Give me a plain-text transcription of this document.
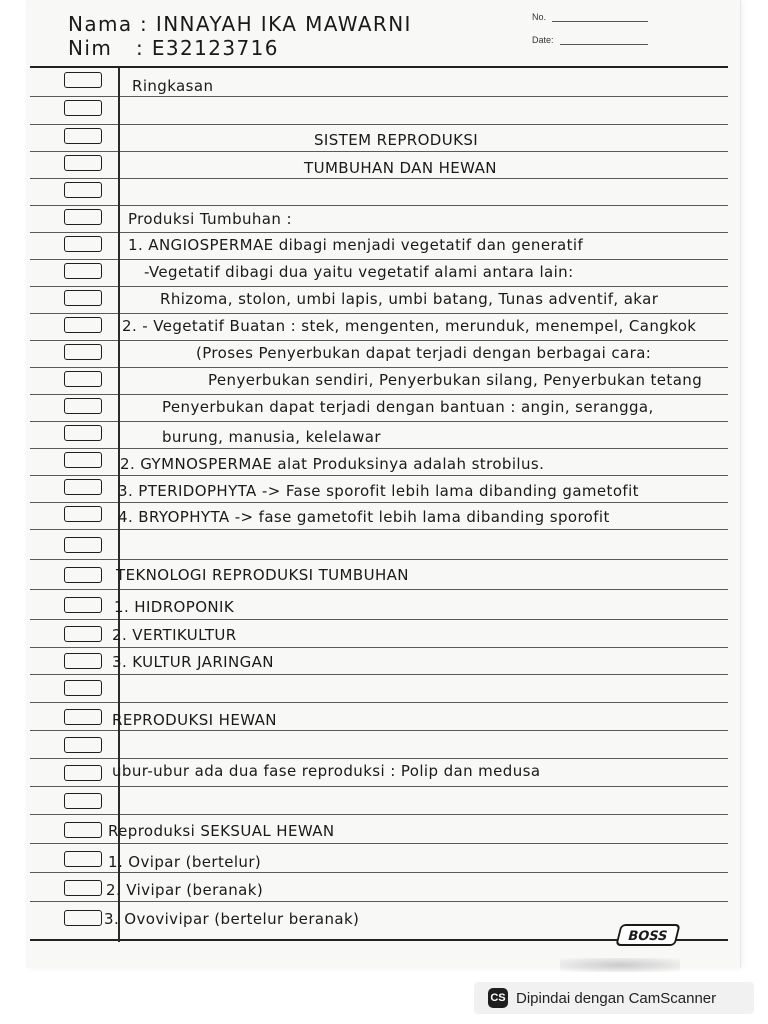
Nama : INNAYAH IKA MAWARNI
Nim : E32123716
No.
Date:
Ringkasan
SISTEM REPRODUKSI
TUMBUHAN DAN HEWAN
Produksi Tumbuhan :
1. ANGIOSPERMAE dibagi menjadi vegetatif dan generatif
-Vegetatif dibagi dua yaitu vegetatif alami antara lain:
Rhizoma, stolon, umbi lapis, umbi batang, Tunas adventif, akar
2. - Vegetatif Buatan : stek, mengenten, merunduk, menempel, Cangkok
(Proses Penyerbukan dapat terjadi dengan berbagai cara:
Penyerbukan sendiri, Penyerbukan silang, Penyerbukan tetang
Penyerbukan dapat terjadi dengan bantuan : angin, serangga,
burung, manusia, kelelawar
2. GYMNOSPERMAE alat Produksinya adalah strobilus.
3. PTERIDOPHYTA -> Fase sporofit lebih lama dibanding gametofit
4. BRYOPHYTA -> fase gametofit lebih lama dibanding sporofit
TEKNOLOGI REPRODUKSI TUMBUHAN
1. HIDROPONIK
2. VERTIKULTUR
3. KULTUR JARINGAN
REPRODUKSI HEWAN
ubur-ubur ada dua fase reproduksi : Polip dan medusa
Reproduksi SEKSUAL HEWAN
1. Ovipar (bertelur)
2. Vivipar (beranak)
3. Ovovivipar (bertelur beranak)
BOSS
CS Dipindai dengan CamScanner
